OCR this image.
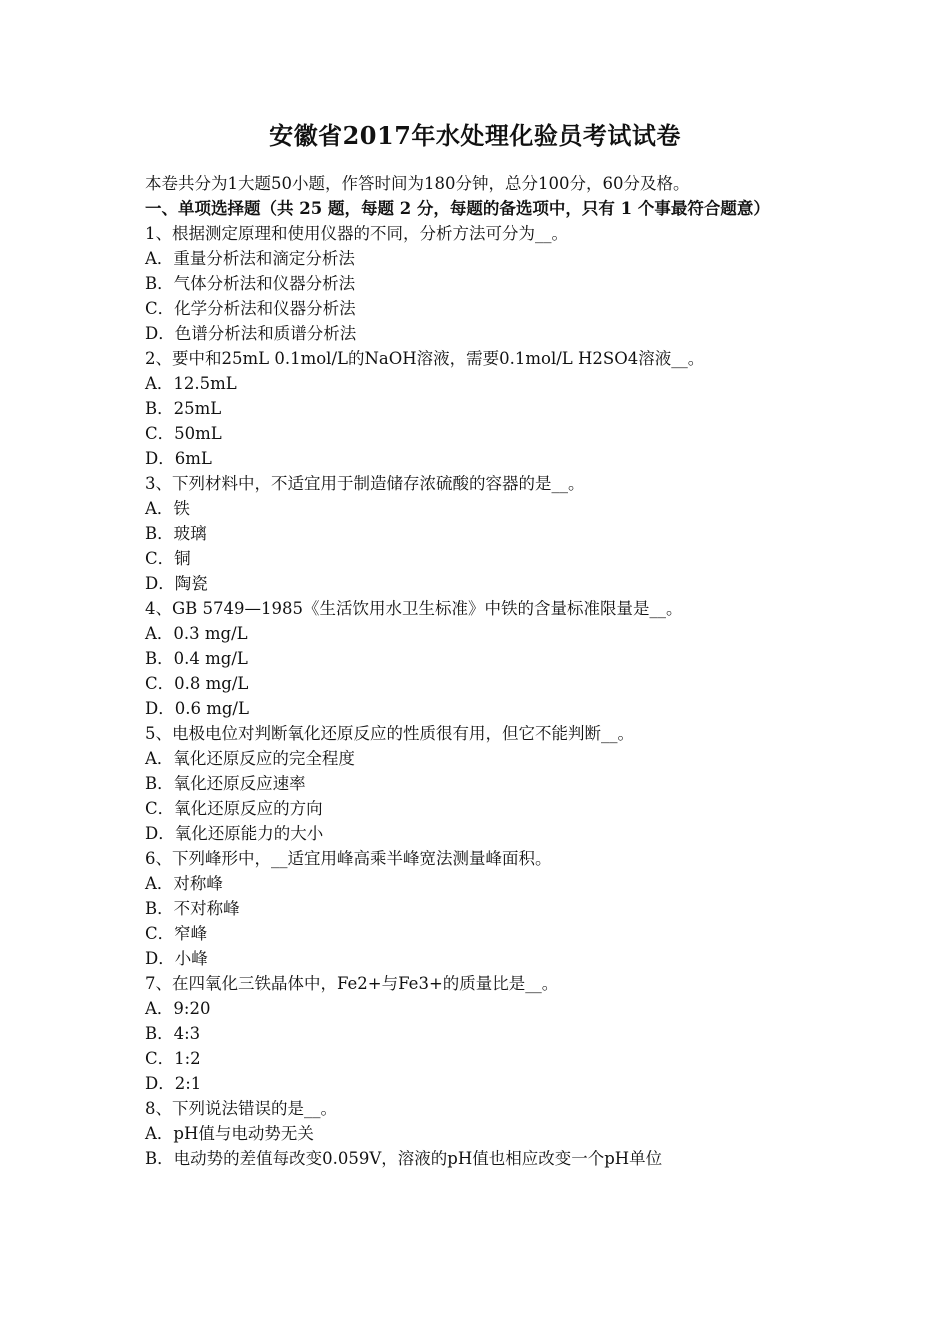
安徽省2017年水处理化验员考试试卷
本卷共分为1大题50小题，作答时间为180分钟，总分100分，60分及格。
一、单项选择题（共 25 题，每题 2 分，每题的备选项中，只有 1 个事最符合题意）
1、根据测定原理和使用仪器的不同，分析方法可分为__。
A．重量分析法和滴定分析法
B．气体分析法和仪器分析法
C．化学分析法和仪器分析法
D．色谱分析法和质谱分析法
2、要中和25mL 0.1mol/L的NaOH溶液，需要0.1mol/L H2SO4溶液__。
A．12.5mL
B．25mL
C．50mL
D．6mL
3、下列材料中，不适宜用于制造储存浓硫酸的容器的是__。
A．铁
B．玻璃
C．铜
D．陶瓷
4、GB 5749—1985《生活饮用水卫生标准》中铁的含量标准限量是__。
A．0.3 mg/L
B．0.4 mg/L
C．0.8 mg/L
D．0.6 mg/L
5、电极电位对判断氧化还原反应的性质很有用，但它不能判断__。
A．氧化还原反应的完全程度
B．氧化还原反应速率
C．氧化还原反应的方向
D．氧化还原能力的大小
6、下列峰形中，__适宜用峰高乘半峰宽法测量峰面积。
A．对称峰
B．不对称峰
C．窄峰
D．小峰
7、在四氧化三铁晶体中，Fe2+与Fe3+的质量比是__。
A．9:20
B．4:3
C．1:2
D．2:1
8、下列说法错误的是__。
A．pH值与电动势无关
B．电动势的差值每改变0.059V，溶液的pH值也相应改变一个pH单位
